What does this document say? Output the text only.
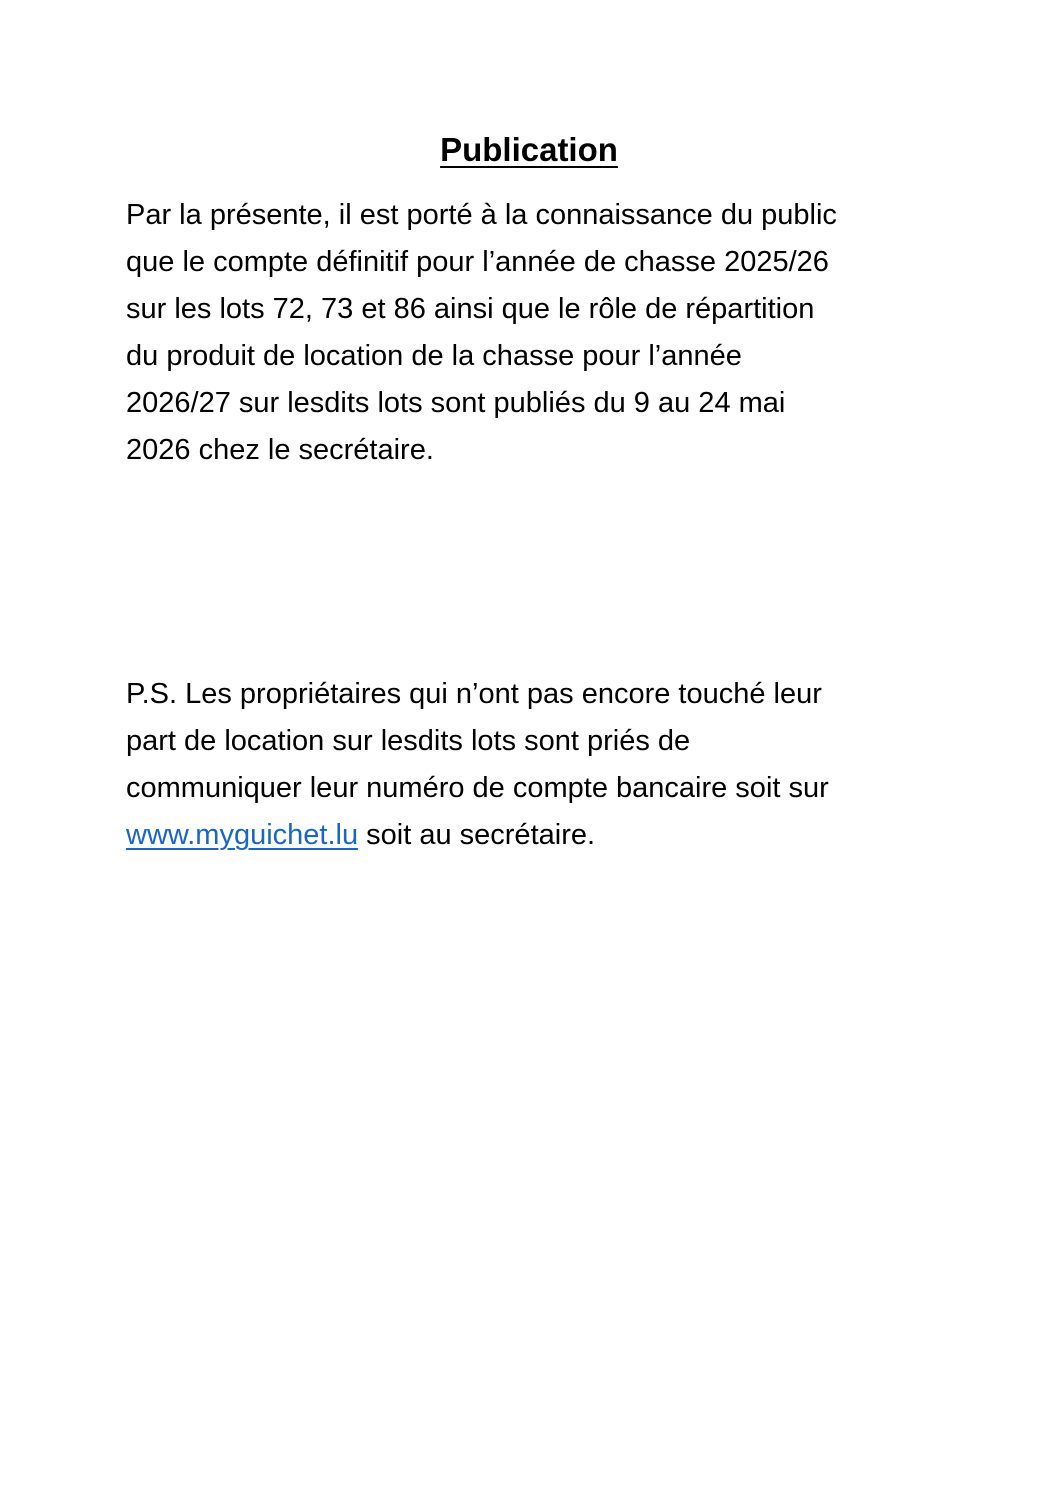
Publication
Par la présente, il est porté à la connaissance du public
que le compte définitif pour l’année de chasse 2025/26
sur les lots 72, 73 et 86 ainsi que le rôle de répartition
du produit de location de la chasse pour l’année
2026/27 sur lesdits lots sont publiés du 9 au 24 mai
2026 chez le secrétaire.
P.S. Les propriétaires qui n’ont pas encore touché leur
part de location sur lesdits lots sont priés de
communiquer leur numéro de compte bancaire soit sur
www.myguichet.lu soit au secrétaire.
